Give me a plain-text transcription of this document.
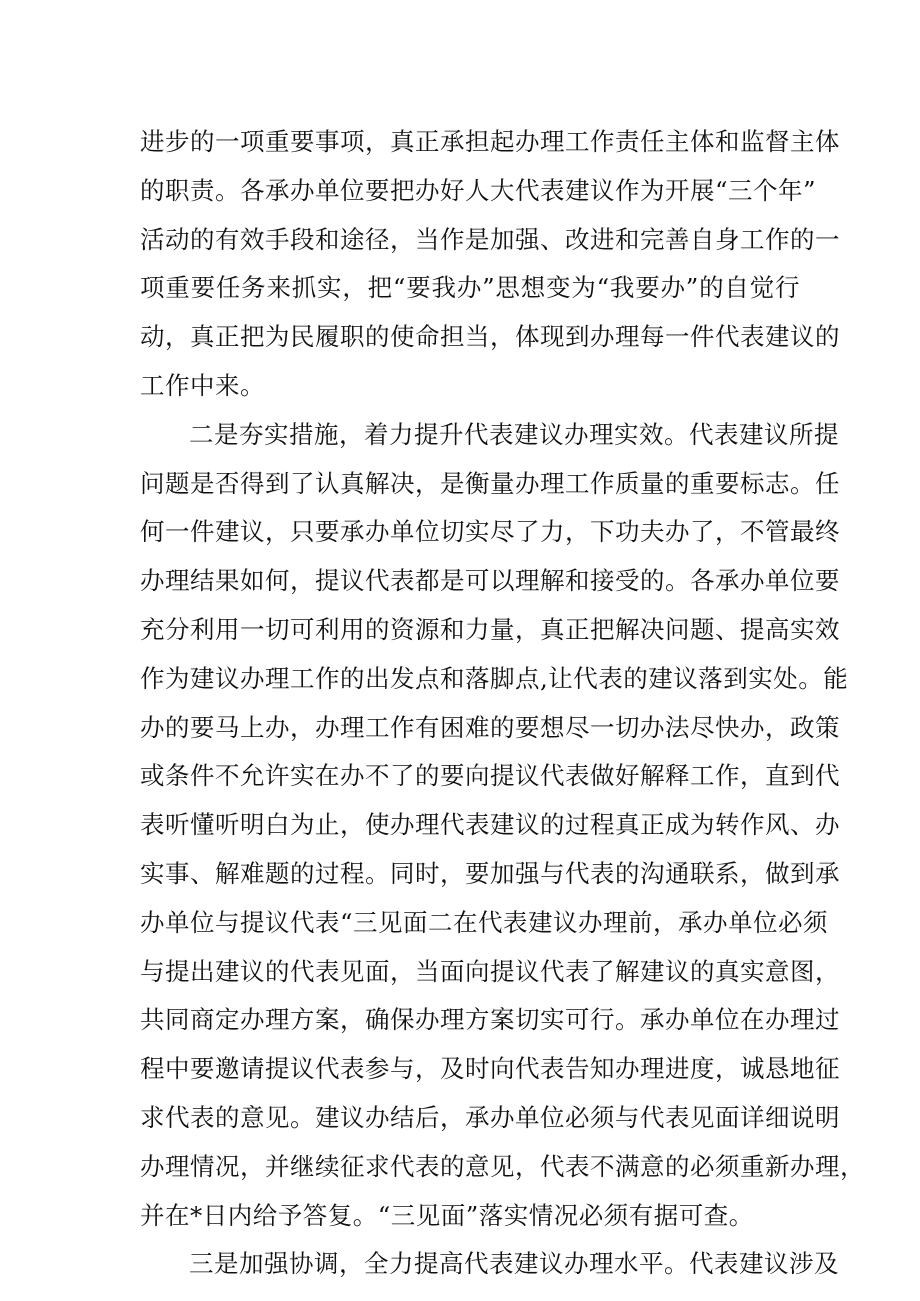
进步的一项重要事项，真正承担起办理工作责任主体和监督主体
的职责。各承办单位要把办好人大代表建议作为开展“三个年”
活动的有效手段和途径，当作是加强、改进和完善自身工作的一
项重要任务来抓实，把“要我办”思想变为“我要办”的自觉行
动，真正把为民履职的使命担当，体现到办理每一件代表建议的
工作中来。
二是夯实措施，着力提升代表建议办理实效。代表建议所提
问题是否得到了认真解决，是衡量办理工作质量的重要标志。任
何一件建议，只要承办单位切实尽了力，下功夫办了，不管最终
办理结果如何，提议代表都是可以理解和接受的。各承办单位要
充分利用一切可利用的资源和力量，真正把解决问题、提高实效
作为建议办理工作的出发点和落脚点,让代表的建议落到实处。能
办的要马上办，办理工作有困难的要想尽一切办法尽快办，政策
或条件不允许实在办不了的要向提议代表做好解释工作，直到代
表听懂听明白为止，使办理代表建议的过程真正成为转作风、办
实事、解难题的过程。同时，要加强与代表的沟通联系，做到承
办单位与提议代表“三见面二在代表建议办理前，承办单位必须
与提出建议的代表见面，当面向提议代表了解建议的真实意图，
共同商定办理方案，确保办理方案切实可行。承办单位在办理过
程中要邀请提议代表参与，及时向代表告知办理进度，诚恳地征
求代表的意见。建议办结后，承办单位必须与代表见面详细说明
办理情况，并继续征求代表的意见，代表不满意的必须重新办理，
并在*日内给予答复。“三见面”落实情况必须有据可查。
三是加强协调，全力提高代表建议办理水平。代表建议涉及
